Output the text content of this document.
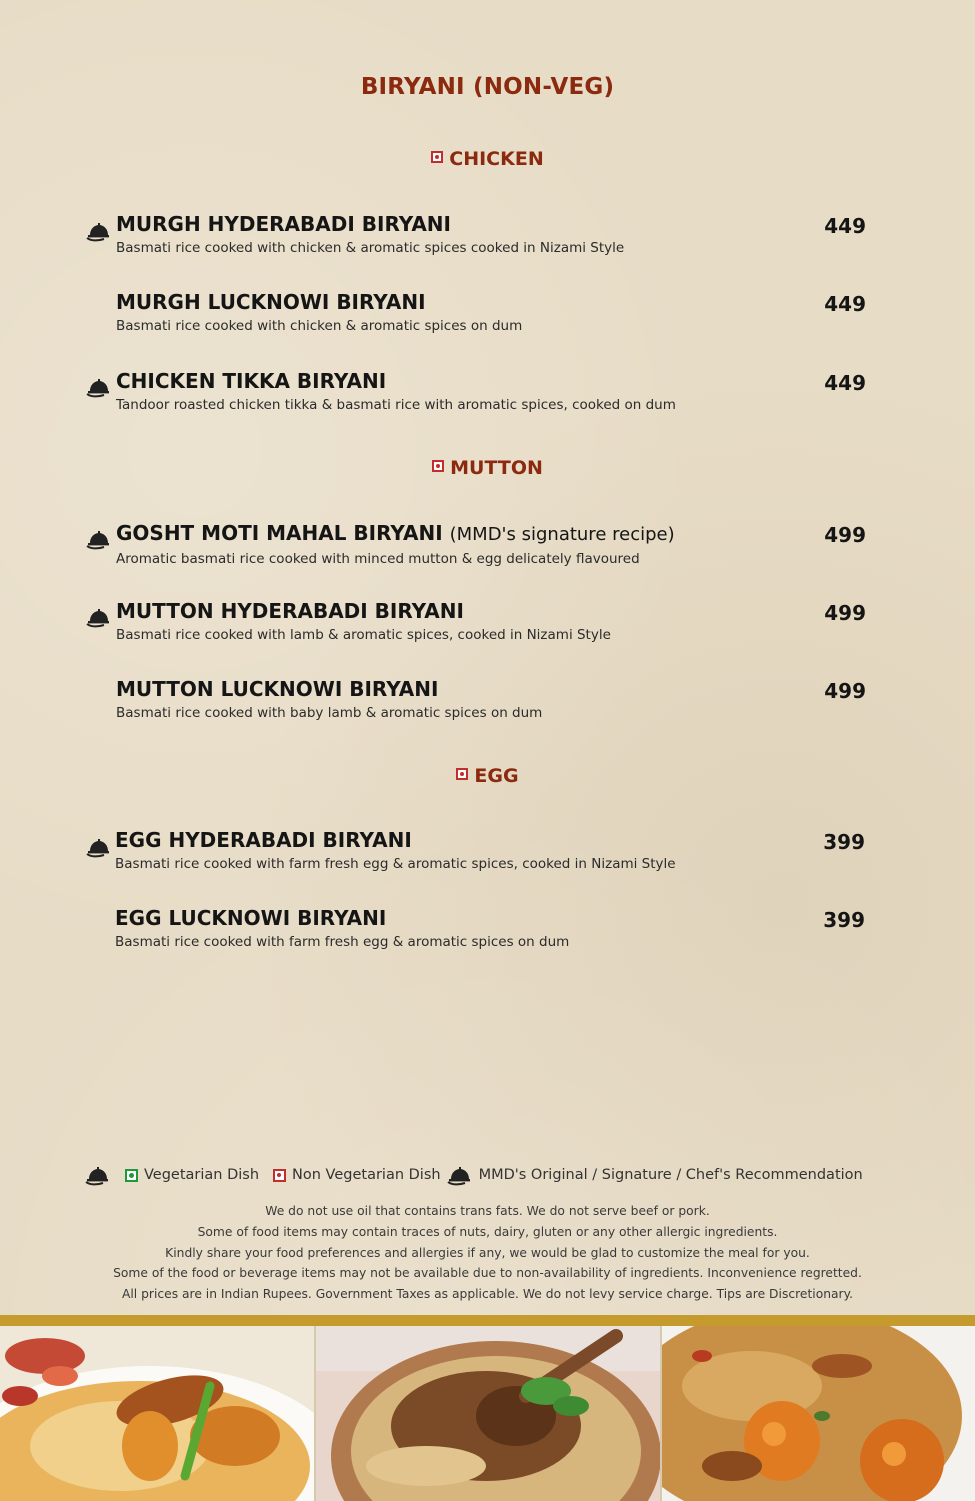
BIRYANI (NON-VEG)
CHICKEN
MURGH HYDERABADI BIRYANI
Basmati rice cooked with chicken & aromatic spices cooked in Nizami Style
449
MURGH LUCKNOWI BIRYANI
Basmati rice cooked with chicken & aromatic spices on dum
449
CHICKEN TIKKA BIRYANI
Tandoor roasted chicken tikka & basmati rice with aromatic spices, cooked on dum
449
MUTTON
GOSHT MOTI MAHAL BIRYANI (MMD's signature recipe)
Aromatic basmati rice cooked with minced mutton & egg delicately flavoured
499
MUTTON HYDERABADI BIRYANI
Basmati rice cooked with lamb & aromatic spices, cooked in Nizami Style
499
MUTTON LUCKNOWI BIRYANI
Basmati rice cooked with baby lamb & aromatic spices on dum
499
EGG
EGG HYDERABADI BIRYANI
Basmati rice cooked with farm fresh egg & aromatic spices, cooked in Nizami Style
399
EGG LUCKNOWI BIRYANI
Basmati rice cooked with farm fresh egg & aromatic spices on dum
399
Vegetarian Dish Non Vegetarian Dish	MMD's Original / Signature / Chef's Recommendation
We do not use oil that contains trans fats. We do not serve beef or pork.
Some of food items may contain traces of nuts, dairy, gluten or any other allergic ingredients.
Kindly share your food preferences and allergies if any, we would be glad to customize the meal for you.
Some of the food or beverage items may not be available due to non-availability of ingredients. Inconvenience regretted.
All prices are in Indian Rupees. Government Taxes as applicable. We do not levy service charge. Tips are Discretionary.
